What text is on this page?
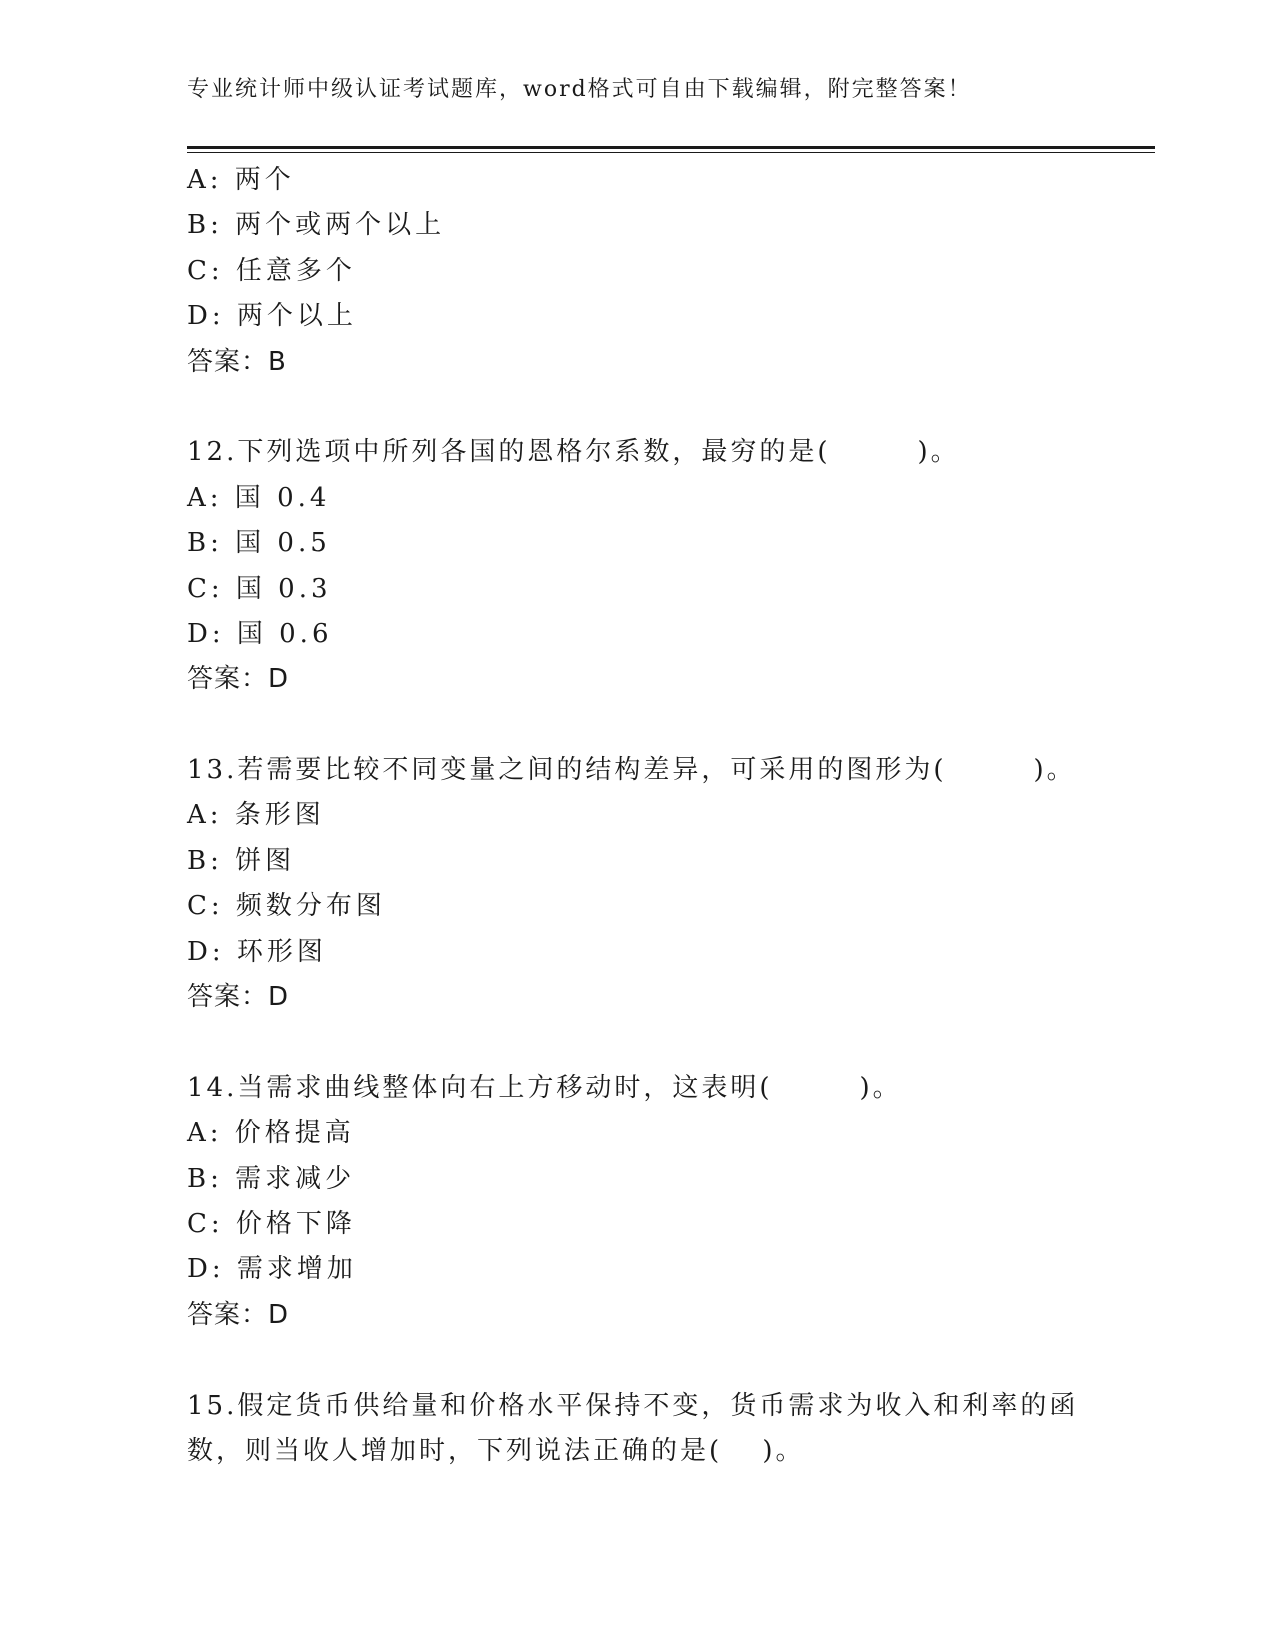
专业统计师中级认证考试题库，word格式可自由下载编辑，附完整答案！
A: 两个
B: 两个或两个以上
C: 任意多个
D: 两个以上
答案：B
12.下列选项中所列各国的恩格尔系数，最穷的是(　　　)。
A: 国 0.4
B: 国 0.5
C: 国 0.3
D: 国 0.6
答案：D
13.若需要比较不同变量之间的结构差异，可采用的图形为(　　　)。
A: 条形图
B: 饼图
C: 频数分布图
D: 环形图
答案：D
14.当需求曲线整体向右上方移动时，这表明(　　　)。
A: 价格提高
B: 需求减少
C: 价格下降
D: 需求增加
答案：D
15.假定货币供给量和价格水平保持不变，货币需求为收入和利率的函
数，则当收人增加时，下列说法正确的是(　 )。
